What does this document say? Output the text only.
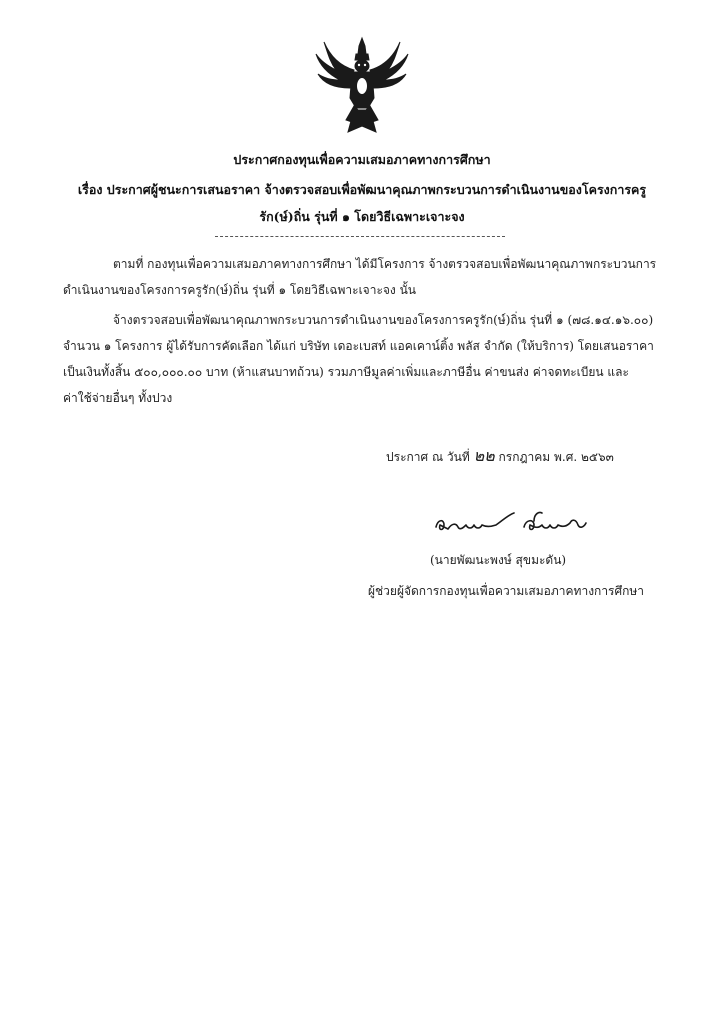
ประกาศกองทุนเพื่อความเสมอภาคทางการศึกษา
เรื่อง ประกาศผู้ชนะการเสนอราคา จ้างตรวจสอบเพื่อพัฒนาคุณภาพกระบวนการดำเนินงานของโครงการครู
รัก(ษ์)ถิ่น รุ่นที่ ๑ โดยวิธีเฉพาะเจาะจง
ตามที่ กองทุนเพื่อความเสมอภาคทางการศึกษา ได้มีโครงการ จ้างตรวจสอบเพื่อพัฒนาคุณภาพกระบวนการ
ดำเนินงานของโครงการครูรัก(ษ์)ถิ่น รุ่นที่ ๑ โดยวิธีเฉพาะเจาะจง นั้น
จ้างตรวจสอบเพื่อพัฒนาคุณภาพกระบวนการดำเนินงานของโครงการครูรัก(ษ์)ถิ่น รุ่นที่ ๑ (๗๘.๑๔.๑๖.๐๐)
จำนวน ๑ โครงการ ผู้ได้รับการคัดเลือก ได้แก่ บริษัท เดอะเบสท์ แอคเคาน์ติ้ง พลัส จำกัด (ให้บริการ) โดยเสนอราคา
เป็นเงินทั้งสิ้น ๕๐๐,๐๐๐.๐๐ บาท (ห้าแสนบาทถ้วน) รวมภาษีมูลค่าเพิ่มและภาษีอื่น ค่าขนส่ง ค่าจดทะเบียน และ
ค่าใช้จ่ายอื่นๆ ทั้งปวง
ประกาศ ณ วันที่ ๒๒ กรกฎาคม พ.ศ. ๒๕๖๓
(นายพัฒนะพงษ์ สุขมะดัน)
ผู้ช่วยผู้จัดการกองทุนเพื่อความเสมอภาคทางการศึกษา
